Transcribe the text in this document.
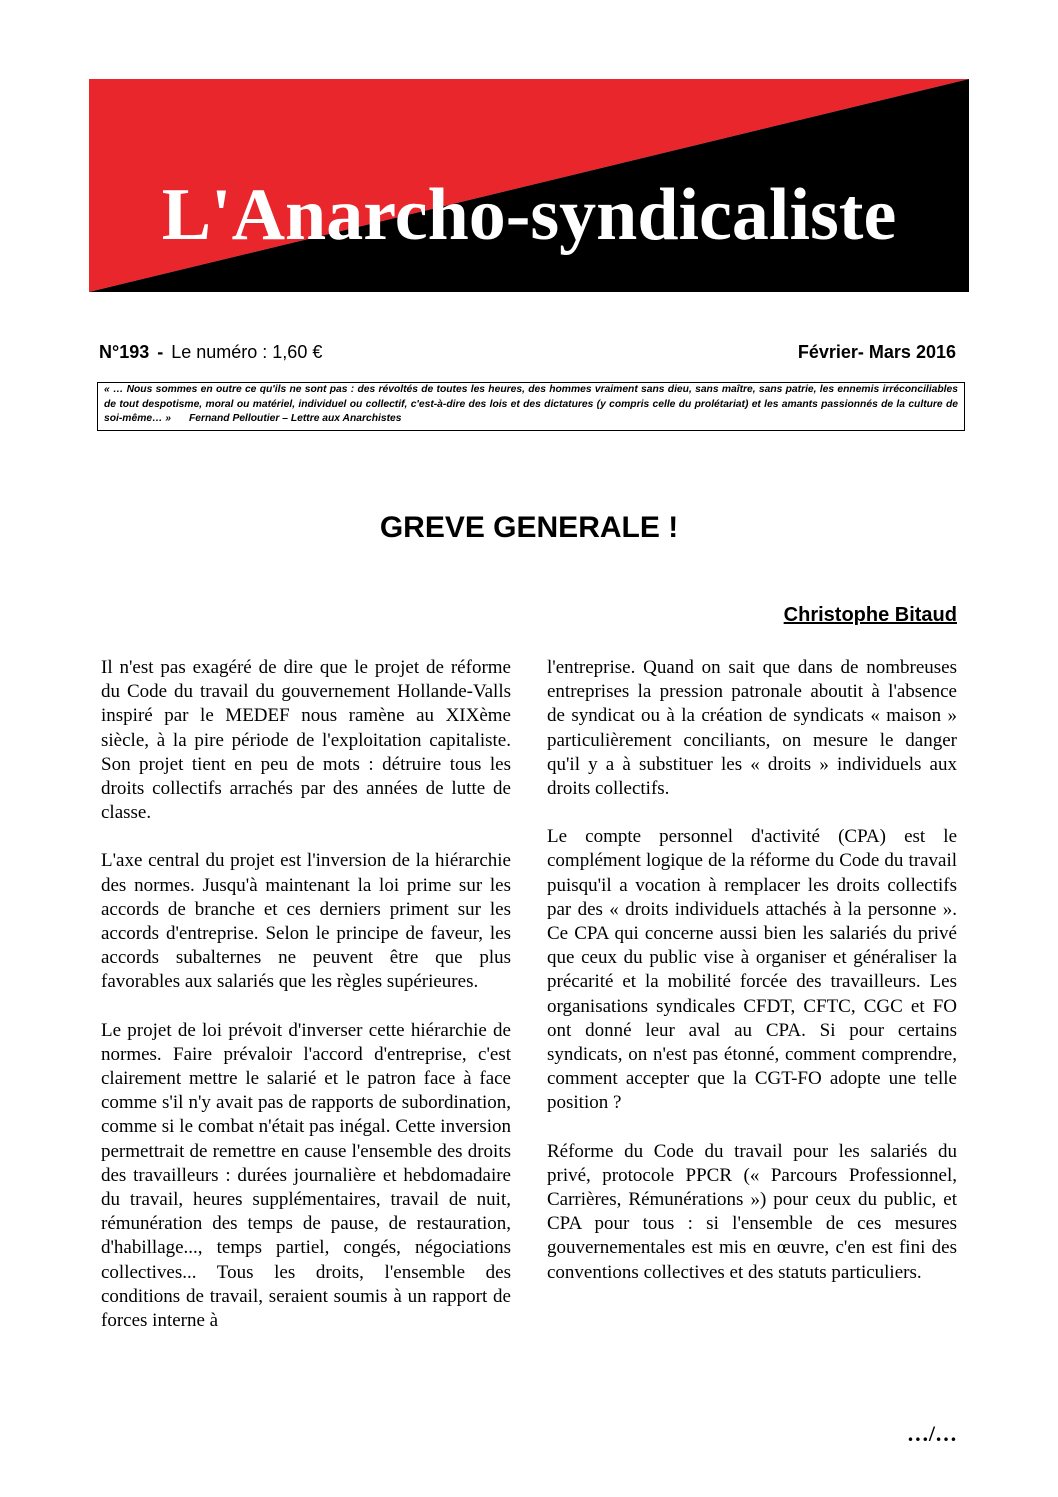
L'Anarcho-syndicaliste
N°193 - Le numéro : 1,60 €	Février- Mars 2016
« … Nous sommes en outre ce qu'ils ne sont pas : des révoltés de toutes les heures, des hommes vraiment sans dieu, sans maître, sans patrie, les ennemis irréconciliables de tout despotisme, moral ou matériel, individuel ou collectif, c'est-à-dire des lois et des dictatures (y compris celle du prolétariat) et les amants passionnés de la culture de soi-même… » Fernand Pelloutier – Lettre aux Anarchistes
GREVE GENERALE !

Christophe Bitaud

Il n'est pas exagéré de dire que le projet de réforme du Code du travail du gouvernement Hollande-Valls inspiré par le MEDEF nous ramène au XIXème siècle, à la pire période de l'exploitation capitaliste. Son projet tient en peu de mots : détruire tous les droits collectifs arrachés par des années de lutte de classe.

L'axe central du projet est l'inversion de la hiérarchie des normes. Jusqu'à maintenant la loi prime sur les accords de branche et ces derniers priment sur les accords d'entreprise. Selon le principe de faveur, les accords subalternes ne peuvent être que plus favorables aux salariés que les règles supérieures.

Le projet de loi prévoit d'inverser cette hiérarchie de normes. Faire prévaloir l'accord d'entreprise, c'est clairement mettre le salarié et le patron face à face comme s'il n'y avait pas de rapports de subordination, comme si le combat n'était pas inégal. Cette inversion permettrait de remettre en cause l'ensemble des droits des travailleurs : durées journalière et hebdomadaire du travail, heures supplémentaires, travail de nuit, rémunération des temps de pause, de restauration, d'habillage..., temps partiel, congés, négociations collectives... Tous les droits, l'ensemble des conditions de travail, seraient soumis à un rapport de forces interne à

l'entreprise. Quand on sait que dans de nombreuses entreprises la pression patronale aboutit à l'absence de syndicat ou à la création de syndicats « maison » particulièrement conciliants, on mesure le danger qu'il y a à substituer les « droits » individuels aux droits collectifs.

Le compte personnel d'activité (CPA) est le complément logique de la réforme du Code du travail puisqu'il a vocation à remplacer les droits collectifs par des « droits individuels attachés à la personne ». Ce CPA qui concerne aussi bien les salariés du privé que ceux du public vise à organiser et généraliser la précarité et la mobilité forcée des travailleurs. Les organisations syndicales CFDT, CFTC, CGC et FO ont donné leur aval au CPA. Si pour certains syndicats, on n'est pas étonné, comment comprendre, comment accepter que la CGT-FO adopte une telle position ?

Réforme du Code du travail pour les salariés du privé, protocole PPCR (« Parcours Professionnel, Carrières, Rémunérations ») pour ceux du public, et CPA pour tous : si l'ensemble de ces mesures gouvernementales est mis en œuvre, c'en est fini des conventions collectives et des statuts particuliers.

…/…
